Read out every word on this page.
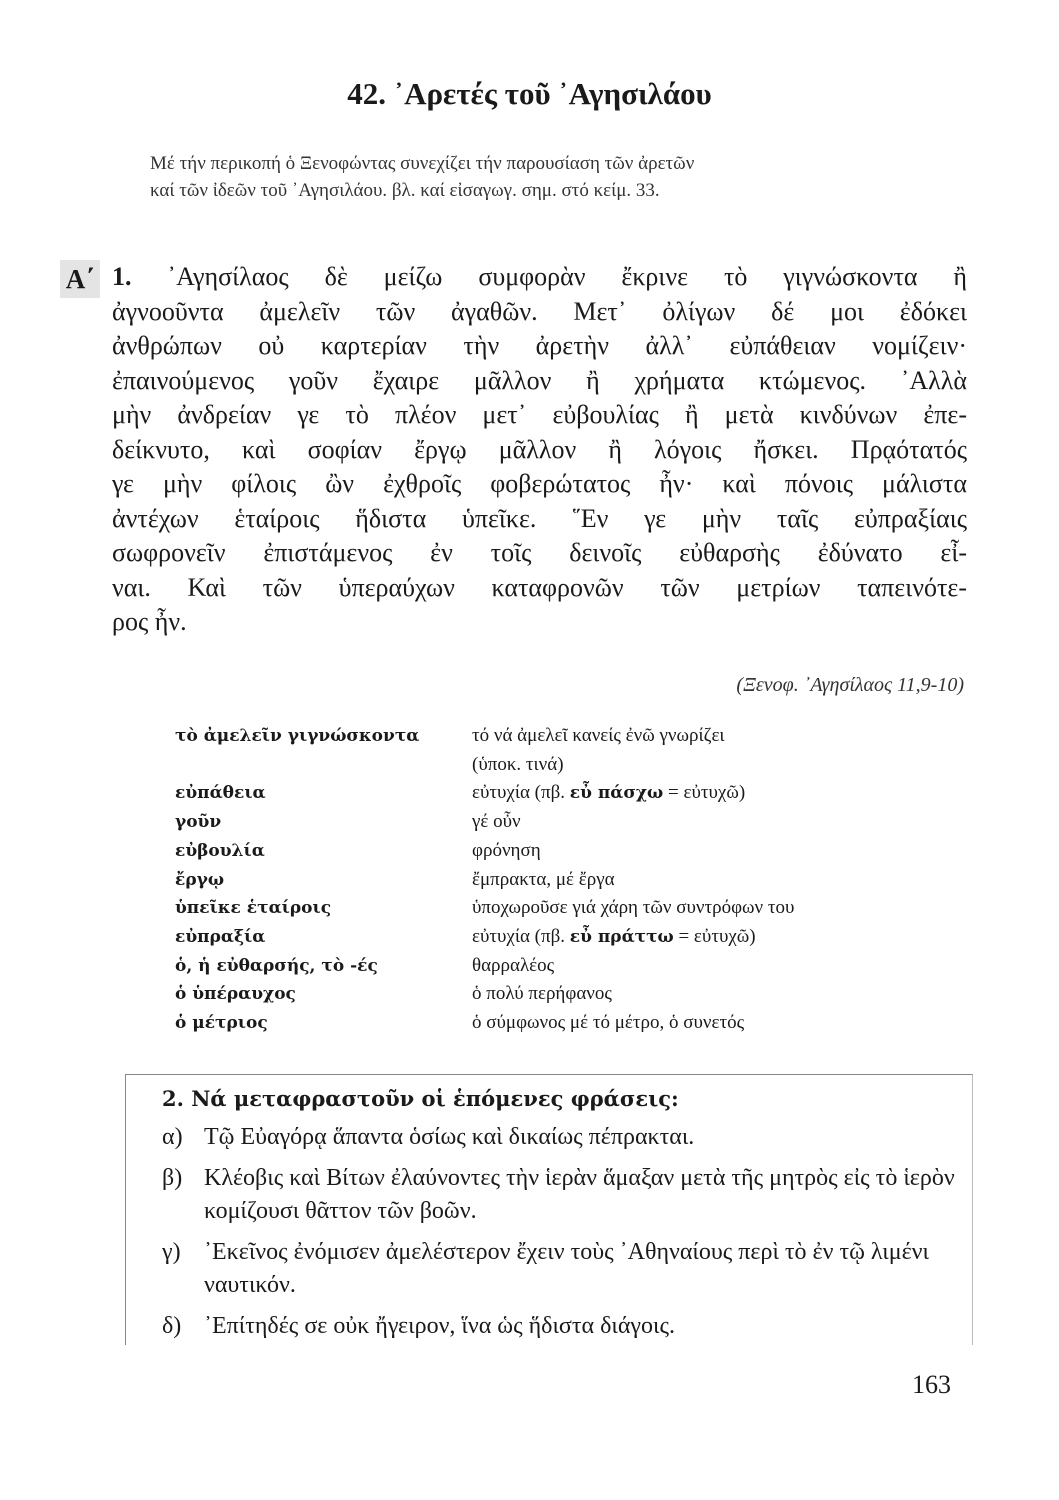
42. ᾿Αρετές τοῦ ᾿Αγησιλάου
Μέ τήν περικοπή ὁ Ξενοφώντας συνεχίζει τήν παρουσίαση τῶν ἀρετῶν
καί τῶν ἰδεῶν τοῦ ᾿Αγησιλάου. βλ. καί εἰσαγωγ. σημ. στό κείμ. 33.
Α΄ 1. ᾿Αγησίλαος δὲ μείζω συμφορὰν ἔκρινε τὸ γιγνώσκοντα ἢ
ἀγνοοῦντα ἀμελεῖν τῶν ἀγαθῶν. Μετ᾿ ὀλίγων δέ μοι ἐδόκει
ἀνθρώπων οὐ καρτερίαν τὴν ἀρετὴν ἀλλ᾿ εὐπάθειαν νομίζειν·
ἐπαινούμενος γοῦν ἔχαιρε μᾶλλον ἢ χρήματα κτώμενος. ᾿Αλλὰ
μὴν ἀνδρείαν γε τὸ πλέον μετ᾿ εὐβουλίας ἢ μετὰ κινδύνων ἐπε-
δείκνυτο, καὶ σοφίαν ἔργῳ μᾶλλον ἢ λόγοις ἤσκει. Πρᾳότατός
γε μὴν φίλοις ὢν ἐχθροῖς φοβερώτατος ἦν· καὶ πόνοις μάλιστα
ἀντέχων ἑταίροις ἥδιστα ὑπεῖκε. ῞Εν γε μὴν ταῖς εὐπραξίαις
σωφρονεῖν ἐπιστάμενος ἐν τοῖς δεινοῖς εὐθαρσὴς ἐδύνατο εἶ-
ναι. Καὶ τῶν ὑπεραύχων καταφρονῶν τῶν μετρίων ταπεινότε-
ρος ἦν.
(Ξενοφ. ᾿Αγησίλαος 11,9-10)
τὸ ἀμελεῖν γιγνώσκοντα	τό νά ἀμελεῖ κανείς ἐνῶ γνωρίζει
(ὑποκ. τινά)
εὐπάθεια	εὐτυχία (πβ. εὖ πάσχω = εὐτυχῶ)
γοῦν	γέ οὖν
εὐβουλία	φρόνηση
ἔργῳ	ἔμπρακτα, μέ ἔργα
ὑπεῖκε ἑταίροις	ὑποχωροῦσε γιά χάρη τῶν συντρόφων του
εὐπραξία	εὐτυχία (πβ. εὖ πράττω = εὐτυχῶ)
ὁ, ἡ εὐθαρσής, τὸ -ές	θαρραλέος
ὁ ὑπέραυχος	ὁ πολύ περήφανος
ὁ μέτριος	ὁ σύμφωνος μέ τό μέτρο, ὁ συνετός
2. Νά μεταφραστοῦν οἱ ἑπόμενες φράσεις:
α) Τῷ Εὐαγόρᾳ ἅπαντα ὁσίως καὶ δικαίως πέπρακται.
β) Κλέοβις καὶ Βίτων ἐλαύνοντες τὴν ἱερὰν ἅμαξαν μετὰ τῆς μητρὸς εἰς τὸ ἱερὸν κομίζουσι θᾶττον τῶν βοῶν.
γ) ᾿Εκεῖνος ἐνόμισεν ἀμελέστερον ἔχειν τοὺς ᾿Αθηναίους περὶ τὸ ἐν τῷ λιμένι ναυτικόν.
δ) ᾿Επίτηδές σε οὐκ ἤγειρον, ἵνα ὡς ἥδιστα διάγοις.
163
